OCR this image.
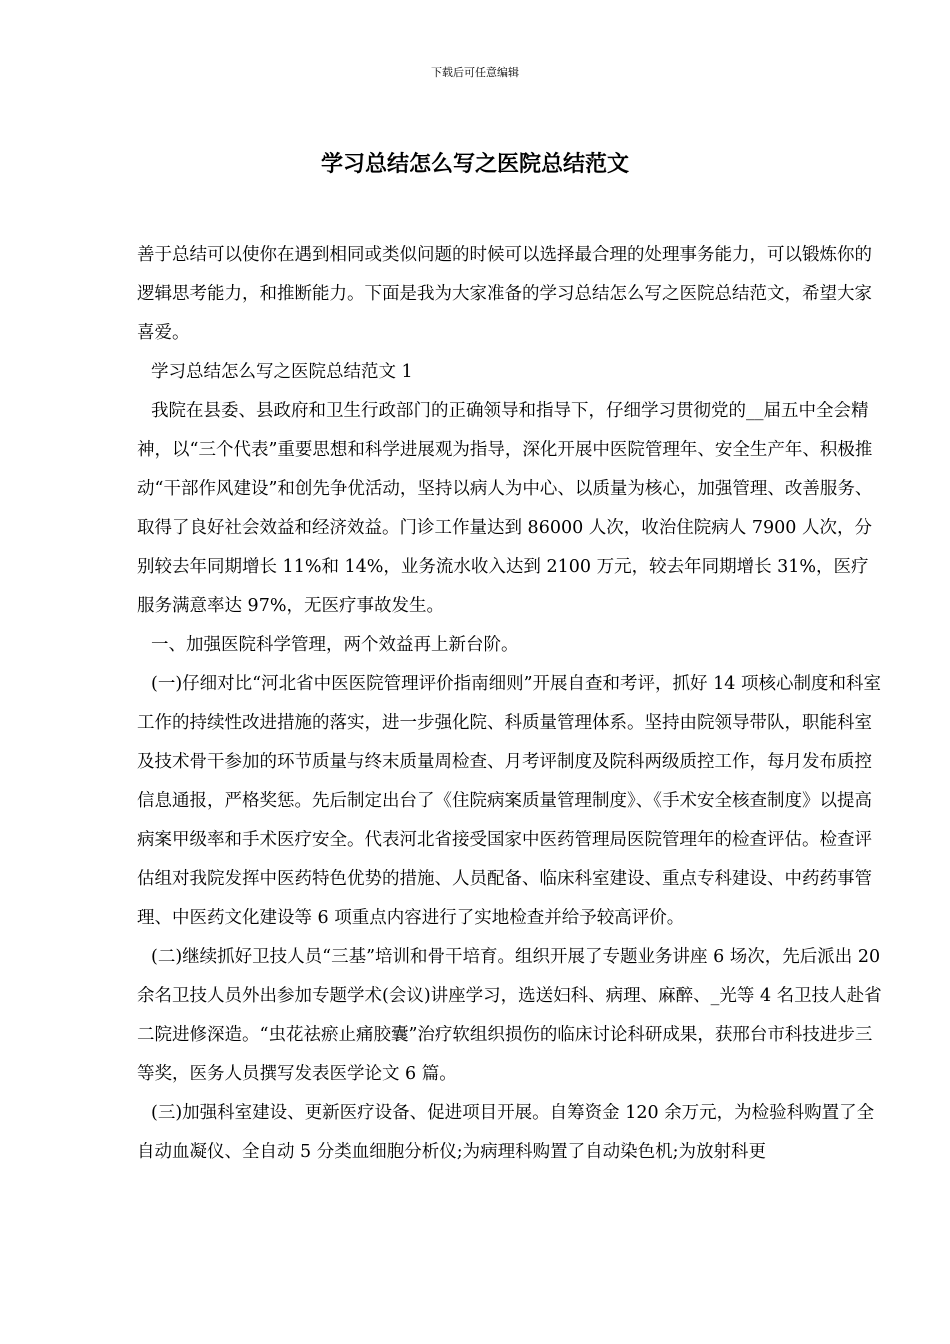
下载后可任意编辑
学习总结怎么写之医院总结范文

善于总结可以使你在遇到相同或类似问题的时候可以选择最合理的处理事务能力，可以锻炼你的逻辑思考能力，和推断能力。下面是我为大家准备的学习总结怎么写之医院总结范文，希望大家喜爱。

学习总结怎么写之医院总结范文 1

我院在县委、县政府和卫生行政部门的正确领导和指导下，仔细学习贯彻党的__届五中全会精神，以“三个代表”重要思想和科学进展观为指导，深化开展中医院管理年、安全生产年、积极推动“干部作风建设”和创先争优活动，坚持以病人为中心、以质量为核心，加强管理、改善服务、取得了良好社会效益和经济效益。门诊工作量达到 86000 人次，收治住院病人 7900 人次，分别较去年同期增长 11%和 14%，业务流水收入达到 2100 万元，较去年同期增长 31%，医疗服务满意率达 97%，无医疗事故发生。

一、加强医院科学管理，两个效益再上新台阶。

(一)仔细对比“河北省中医医院管理评价指南细则”开展自查和考评，抓好 14 项核心制度和科室工作的持续性改进措施的落实，进一步强化院、科质量管理体系。坚持由院领导带队，职能科室及技术骨干参加的环节质量与终末质量周检查、月考评制度及院科两级质控工作，每月发布质控信息通报，严格奖惩。先后制定出台了《住院病案质量管理制度》、《手术安全核查制度》以提高病案甲级率和手术医疗安全。代表河北省接受国家中医药管理局医院管理年的检查评估。检查评估组对我院发挥中医药特色优势的措施、人员配备、临床科室建设、重点专科建设、中药药事管理、中医药文化建设等 6 项重点内容进行了实地检查并给予较高评价。

(二)继续抓好卫技人员“三基”培训和骨干培育。组织开展了专题业务讲座 6 场次，先后派出 20 余名卫技人员外出参加专题学术(会议)讲座学习，选送妇科、病理、麻醉、_光等 4 名卫技人赴省二院进修深造。“虫花祛瘀止痛胶囊”治疗软组织损伤的临床讨论科研成果，获邢台市科技进步三等奖，医务人员撰写发表医学论文 6 篇。

(三)加强科室建设、更新医疗设备、促进项目开展。自筹资金 120 余万元，为检验科购置了全自动血凝仪、全自动 5 分类血细胞分析仪;为病理科购置了自动染色机;为放射科更
